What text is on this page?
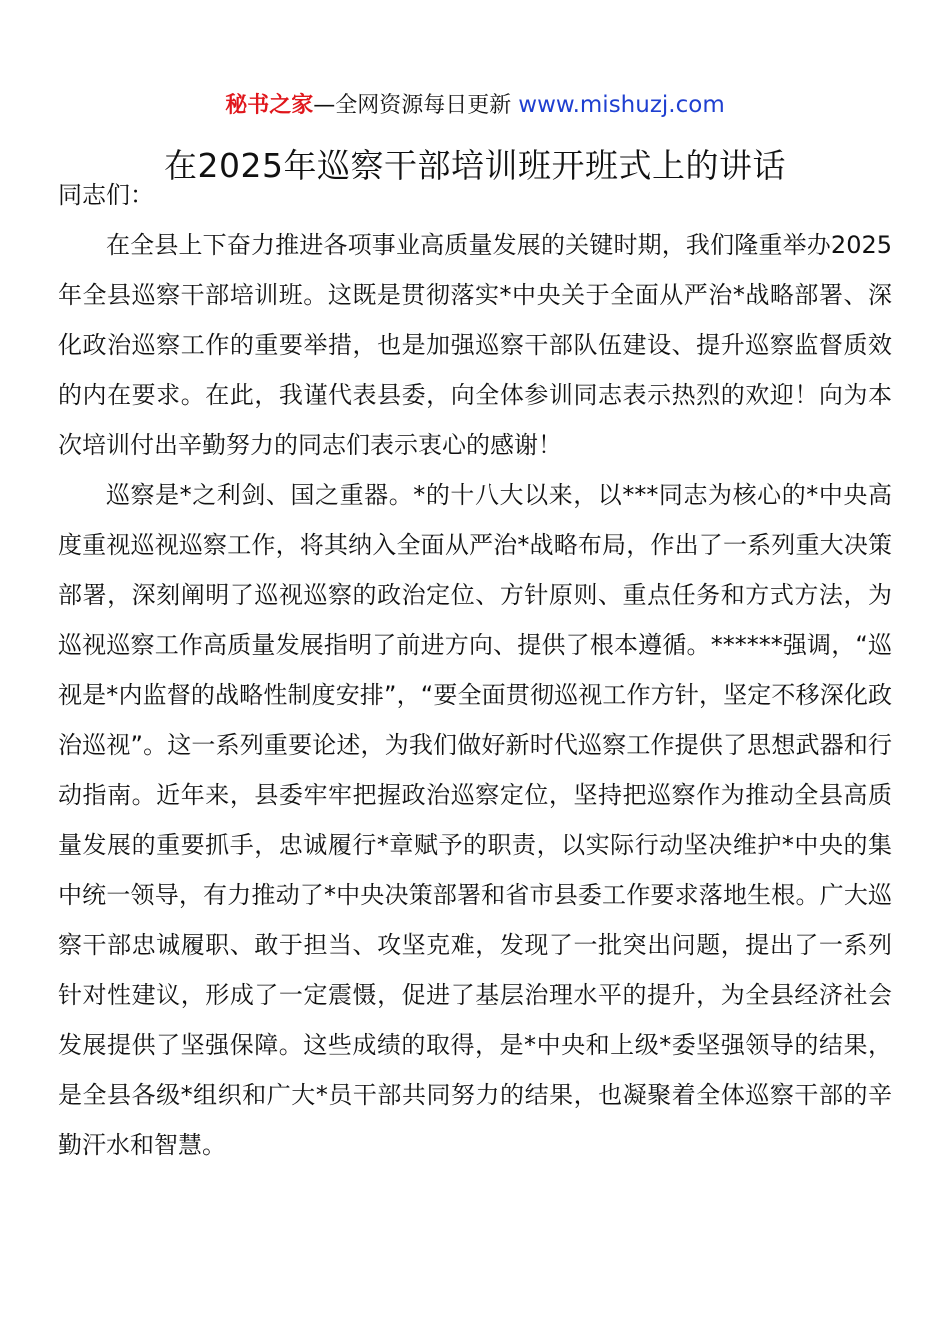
秘书之家—全网资源每日更新 www.mishuzj.com
在2025年巡察干部培训班开班式上的讲话

同志们：

在全县上下奋力推进各项事业高质量发展的关键时期，我们隆重举办2025年全县巡察干部培训班。这既是贯彻落实*中央关于全面从严治*战略部署、深化政治巡察工作的重要举措，也是加强巡察干部队伍建设、提升巡察监督质效的内在要求。在此，我谨代表县委，向全体参训同志表示热烈的欢迎！向为本次培训付出辛勤努力的同志们表示衷心的感谢！

巡察是*之利剑、国之重器。*的十八大以来，以***同志为核心的*中央高度重视巡视巡察工作，将其纳入全面从严治*战略布局，作出了一系列重大决策部署，深刻阐明了巡视巡察的政治定位、方针原则、重点任务和方式方法，为巡视巡察工作高质量发展指明了前进方向、提供了根本遵循。******强调，“巡视是*内监督的战略性制度安排”，“要全面贯彻巡视工作方针，坚定不移深化政治巡视”。这一系列重要论述，为我们做好新时代巡察工作提供了思想武器和行动指南。近年来，县委牢牢把握政治巡察定位，坚持把巡察作为推动全县高质量发展的重要抓手，忠诚履行*章赋予的职责，以实际行动坚决维护*中央的集中统一领导，有力推动了*中央决策部署和省市县委工作要求落地生根。广大巡察干部忠诚履职、敢于担当、攻坚克难，发现了一批突出问题，提出了一系列针对性建议，形成了一定震慑，促进了基层治理水平的提升，为全县经济社会发展提供了坚强保障。这些成绩的取得，是*中央和上级*委坚强领导的结果，是全县各级*组织和广大*员干部共同努力的结果，也凝聚着全体巡察干部的辛勤汗水和智慧。
